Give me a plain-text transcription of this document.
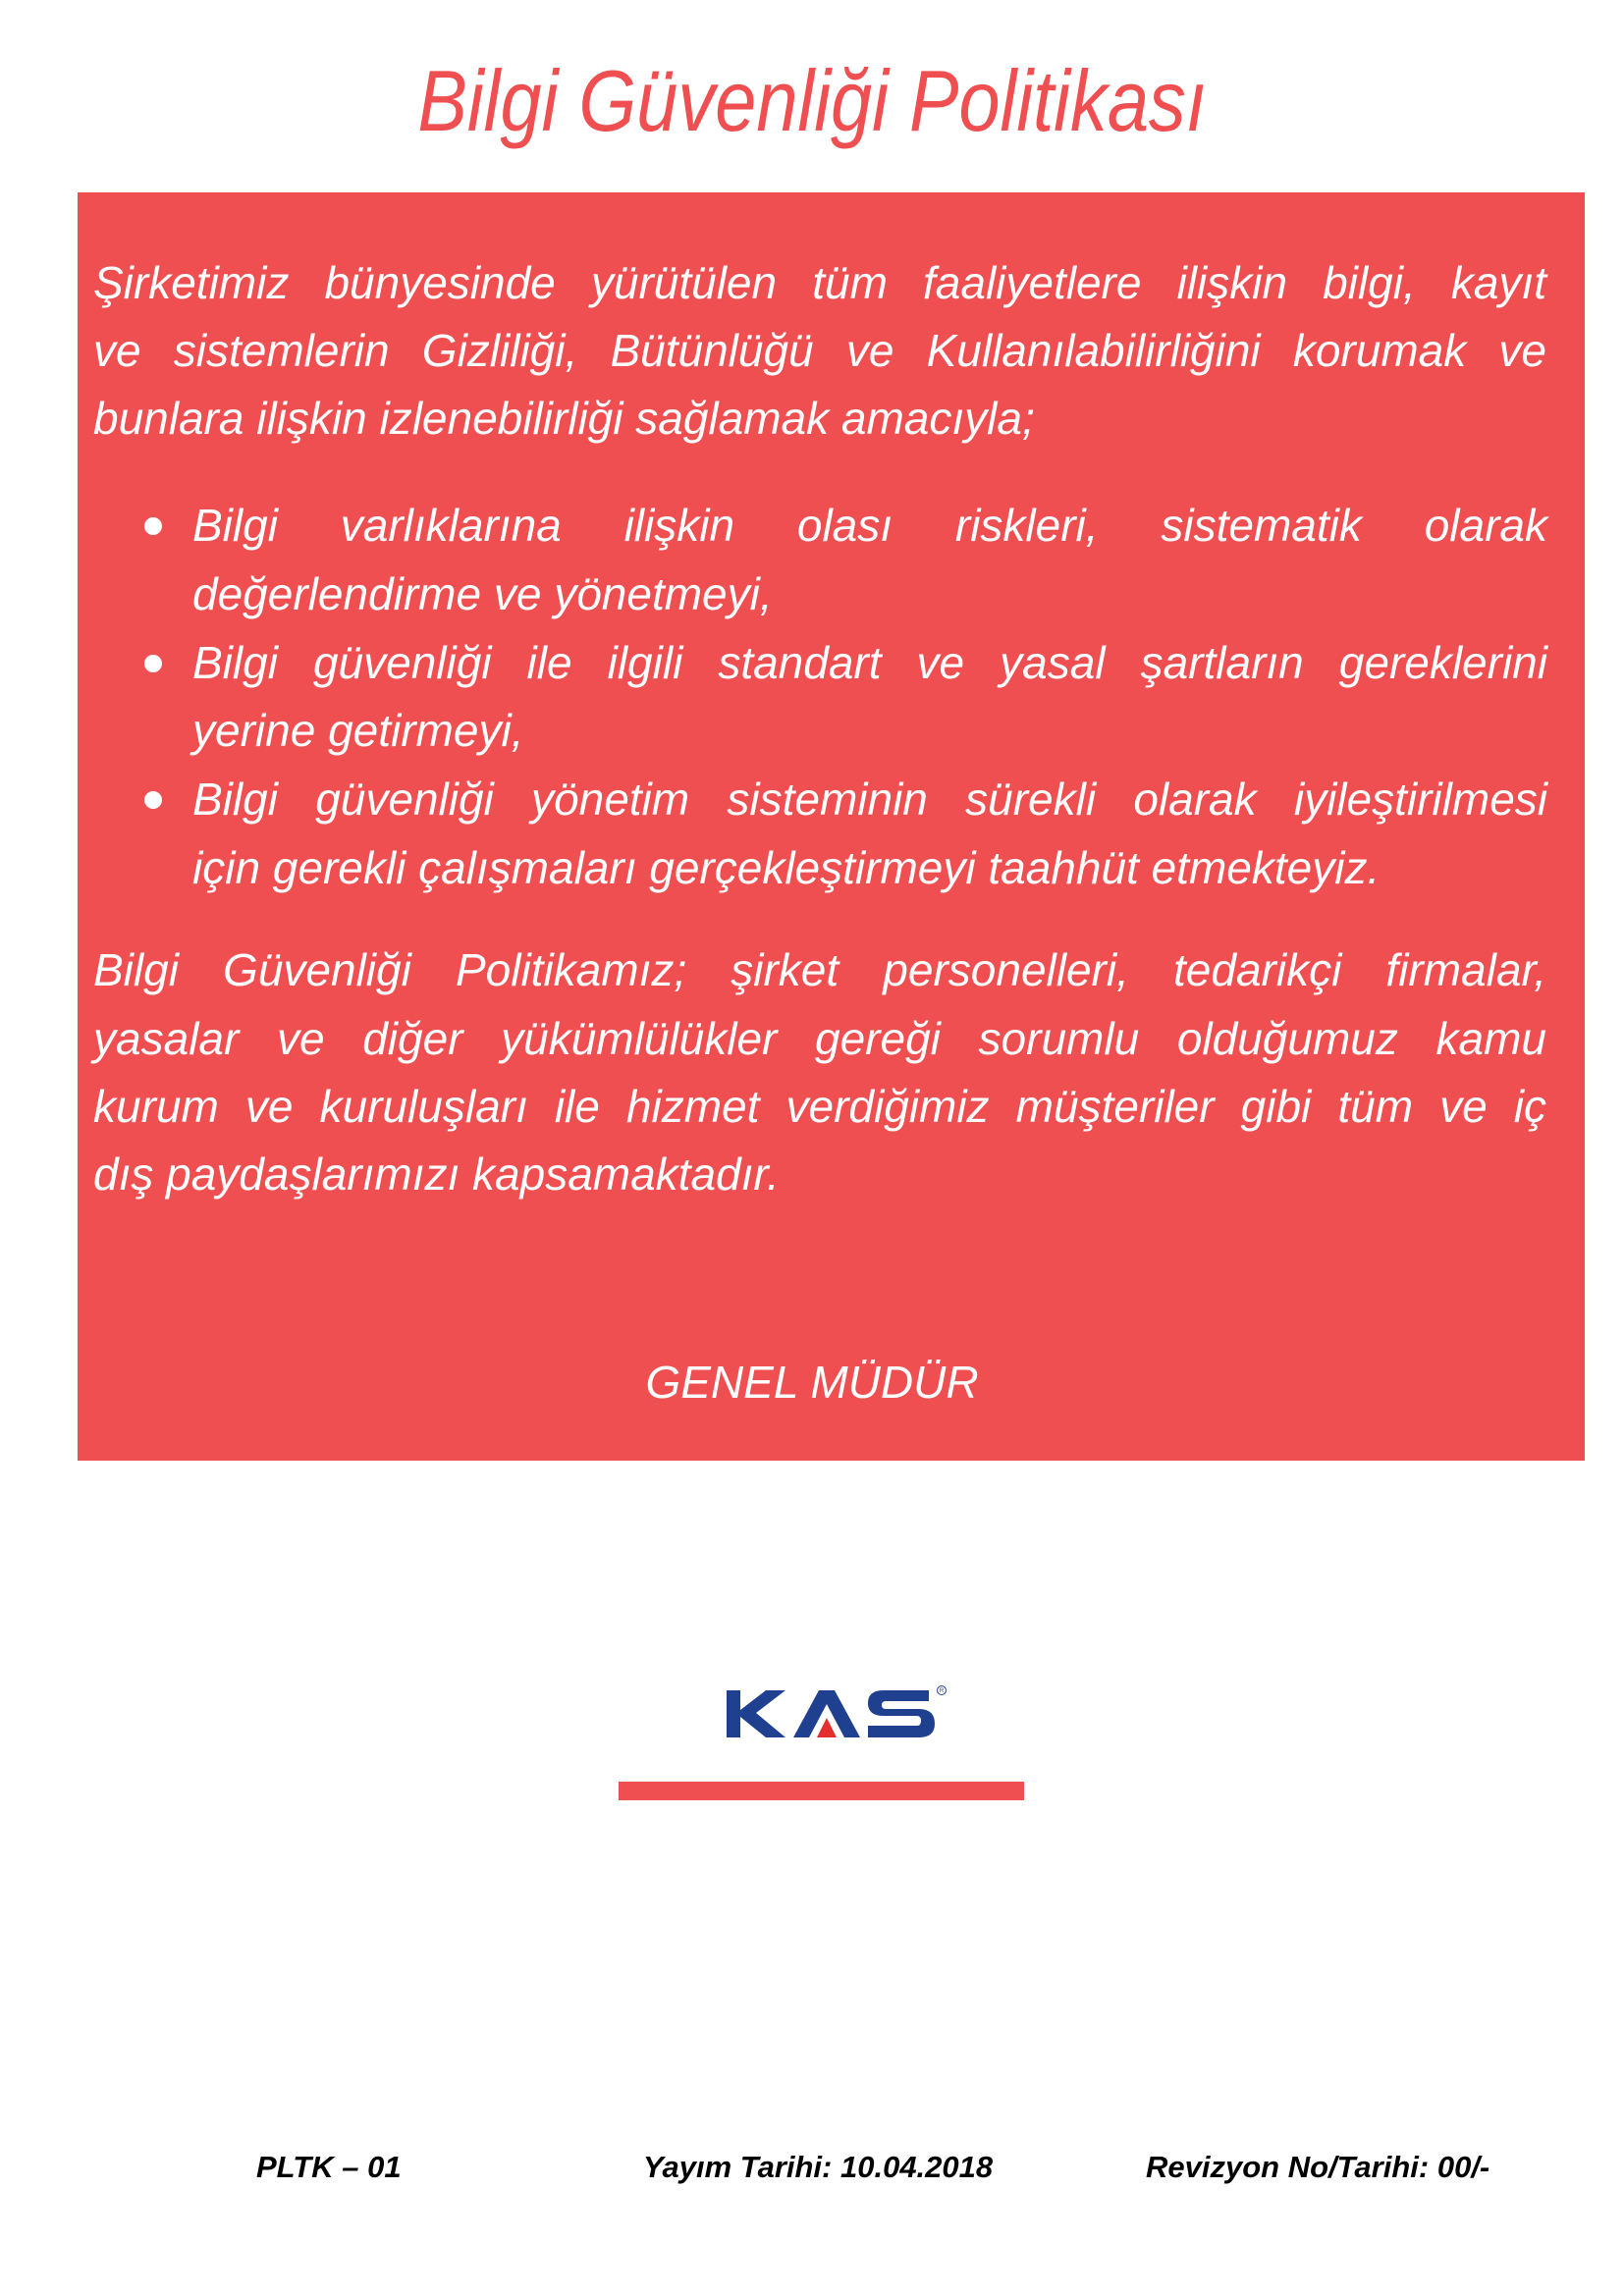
Bilgi Güvenliği Politikası
Şirketimiz bünyesinde yürütülen tüm faaliyetlere ilişkin bilgi, kayıt
ve sistemlerin Gizliliği, Bütünlüğü ve Kullanılabilirliğini korumak ve
bunlara ilişkin izlenebilirliği sağlamak amacıyla;
Bilgi varlıklarına ilişkin olası riskleri, sistematik olarak
değerlendirme ve yönetmeyi,
Bilgi güvenliği ile ilgili standart ve yasal şartların gereklerini
yerine getirmeyi,
Bilgi güvenliği yönetim sisteminin sürekli olarak iyileştirilmesi
için gerekli çalışmaları gerçekleştirmeyi taahhüt etmekteyiz.
Bilgi Güvenliği Politikamız; şirket personelleri, tedarikçi firmalar,
yasalar ve diğer yükümlülükler gereği sorumlu olduğumuz kamu
kurum ve kuruluşları ile hizmet verdiğimiz müşteriler gibi tüm ve iç
dış paydaşlarımızı kapsamaktadır.
GENEL MÜDÜR
R
PLTK – 01	Yayım Tarihi: 10.04.2018	Revizyon No/Tarihi: 00/-
